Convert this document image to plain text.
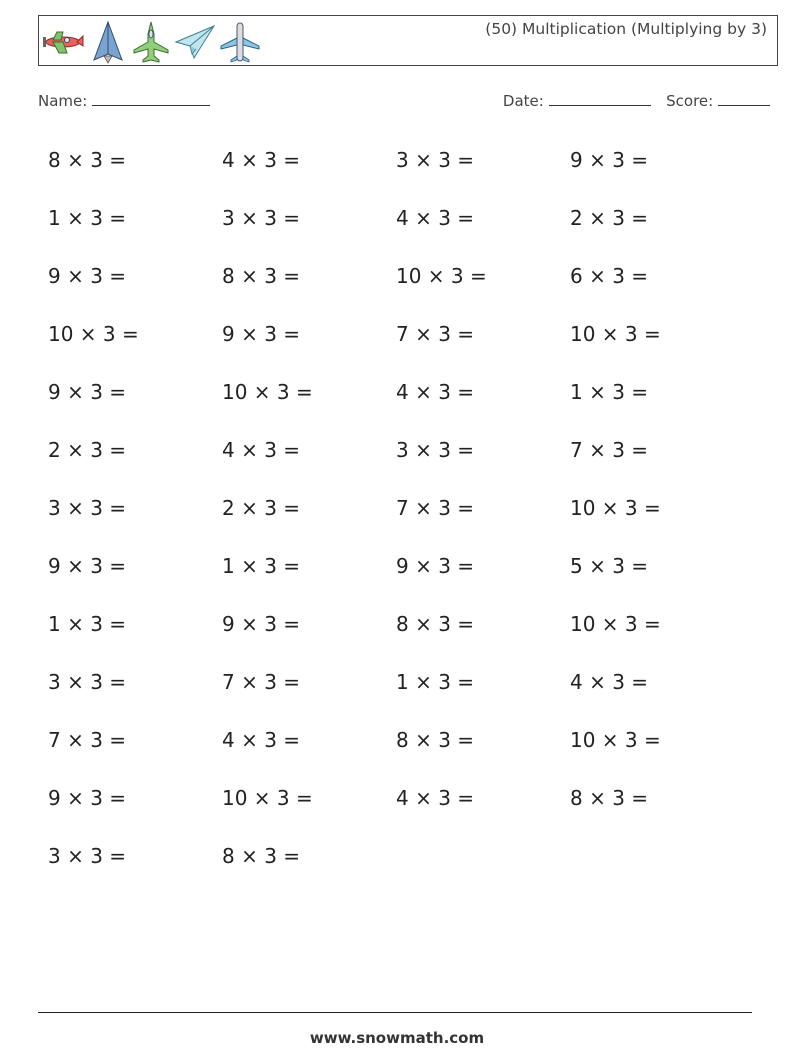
(50) Multiplication (Multiplying by 3)
Name:	Date:	Score:
8 × 3 =	4 × 3 =	3 × 3 =	9 × 3 =
1 × 3 =	3 × 3 =	4 × 3 =	2 × 3 =
9 × 3 =	8 × 3 =	10 × 3 =	6 × 3 =
10 × 3 =	9 × 3 =	7 × 3 =	10 × 3 =
9 × 3 =	10 × 3 =	4 × 3 =	1 × 3 =
2 × 3 =	4 × 3 =	3 × 3 =	7 × 3 =
3 × 3 =	2 × 3 =	7 × 3 =	10 × 3 =
9 × 3 =	1 × 3 =	9 × 3 =	5 × 3 =
1 × 3 =	9 × 3 =	8 × 3 =	10 × 3 =
3 × 3 =	7 × 3 =	1 × 3 =	4 × 3 =
7 × 3 =	4 × 3 =	8 × 3 =	10 × 3 =
9 × 3 =	10 × 3 =	4 × 3 =	8 × 3 =
3 × 3 =	8 × 3 =
www.snowmath.com
